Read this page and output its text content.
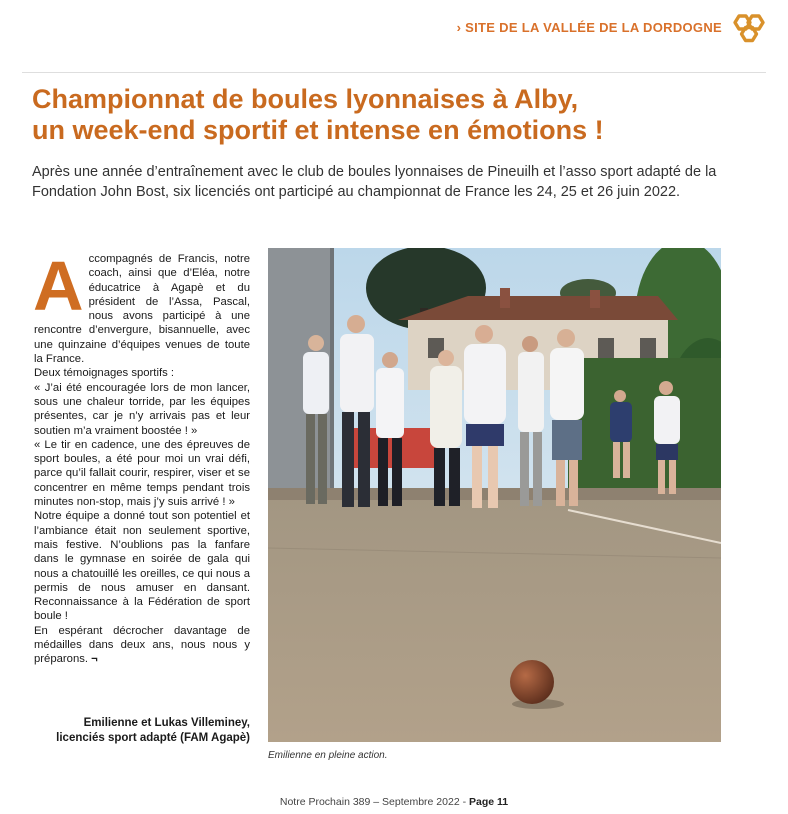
› SITE DE LA VALLÉE DE LA DORDOGNE
Championnat de boules lyonnaises à Alby,
un week-end sportif et intense en émotions !

Après une année d’entraînement avec le club de boules lyonnaises de Pineuilh et l’asso sport adapté de la Fondation John Bost, six licenciés ont participé au championnat de France les 24, 25 et 26 juin 2022.

Accompagnés de Francis, notre coach, ainsi que d’Eléa, notre éducatrice à Agapè et du président de l’Assa, Pascal, nous avons participé à une rencontre d’envergure, bisannuelle, avec une quinzaine d’équipes venues de toute la France.

Deux témoignages sportifs :

« J’ai été encouragée lors de mon lancer, sous une chaleur torride, par les équipes présentes, car je n’y arrivais pas et leur soutien m’a vraiment boostée ! »

« Le tir en cadence, une des épreuves de sport boules, a été pour moi un vrai défi, parce qu’il fallait courir, respirer, viser et se concentrer en même temps pendant trois minutes non-stop, mais j’y suis arrivé ! »

Notre équipe a donné tout son potentiel et l’ambiance était non seulement sportive, mais festive. N’oublions pas la fanfare dans le gymnase en soirée de gala qui nous a chatouillé les oreilles, ce qui nous a permis de nous amuser en dansant. Reconnaissance à la Fédération de sport boule !

En espérant décrocher davantage de médailles dans deux ans, nous nous y préparons. ¬

Emilienne et Lukas Villeminey,
licenciés sport adapté (FAM Agapè)
Emilienne en pleine action.
Notre Prochain 389 – Septembre 2022 - Page 11
